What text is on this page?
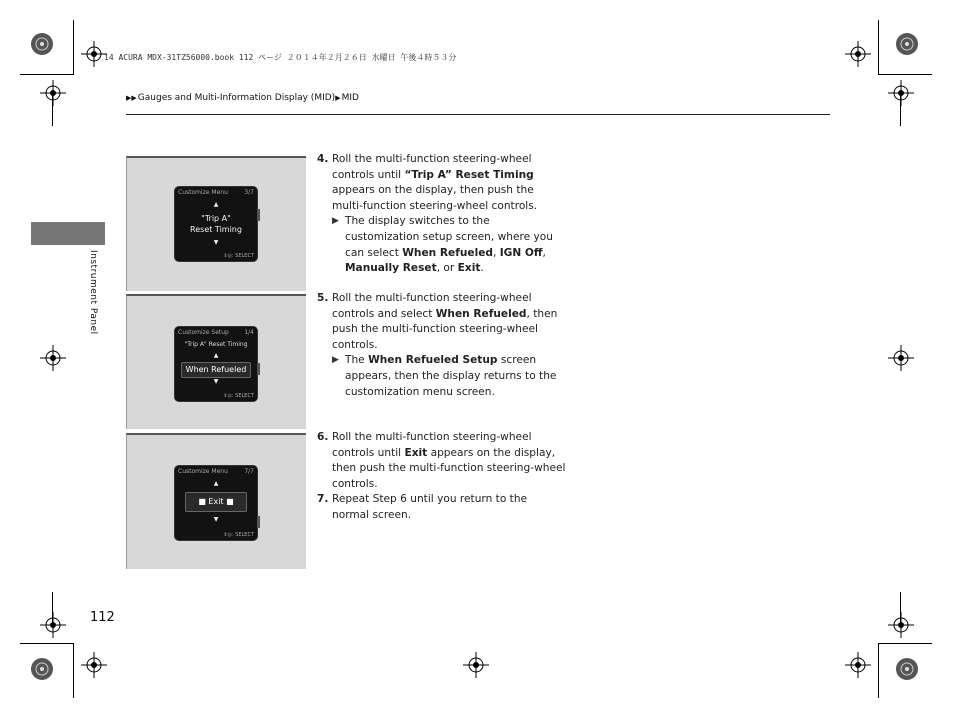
14 ACURA MDX-31TZ56000.book 112 ページ ２０１４年２月２６日 水曜日 午後４時５３分
▶▶ Gauges and Multi-Information Display (MID) ▶ MID
Instrument Panel
Customize Menu	3/7
▲
"Trip A"
Reset Timing
▼
⇕◎: SELECT
Customize Setup	1/4
"Trip A" Reset Timing
▲
When Refueled
▼
⇕◎: SELECT
Customize Menu	7/7
▲
■ Exit ■
▼
⇕◎: SELECT
4. Roll the multi-function steering-wheel controls until “Trip A” Reset Timing appears on the display, then push the multi-function steering-wheel controls.
▶ The display switches to the customization setup screen, where you can select When Refueled, IGN Off, Manually Reset, or Exit.
5. Roll the multi-function steering-wheel controls and select When Refueled, then push the multi-function steering-wheel controls.
▶ The When Refueled Setup screen appears, then the display returns to the customization menu screen.
6. Roll the multi-function steering-wheel controls until Exit appears on the display, then push the multi-function steering-wheel controls.
7. Repeat Step 6 until you return to the normal screen.
112
